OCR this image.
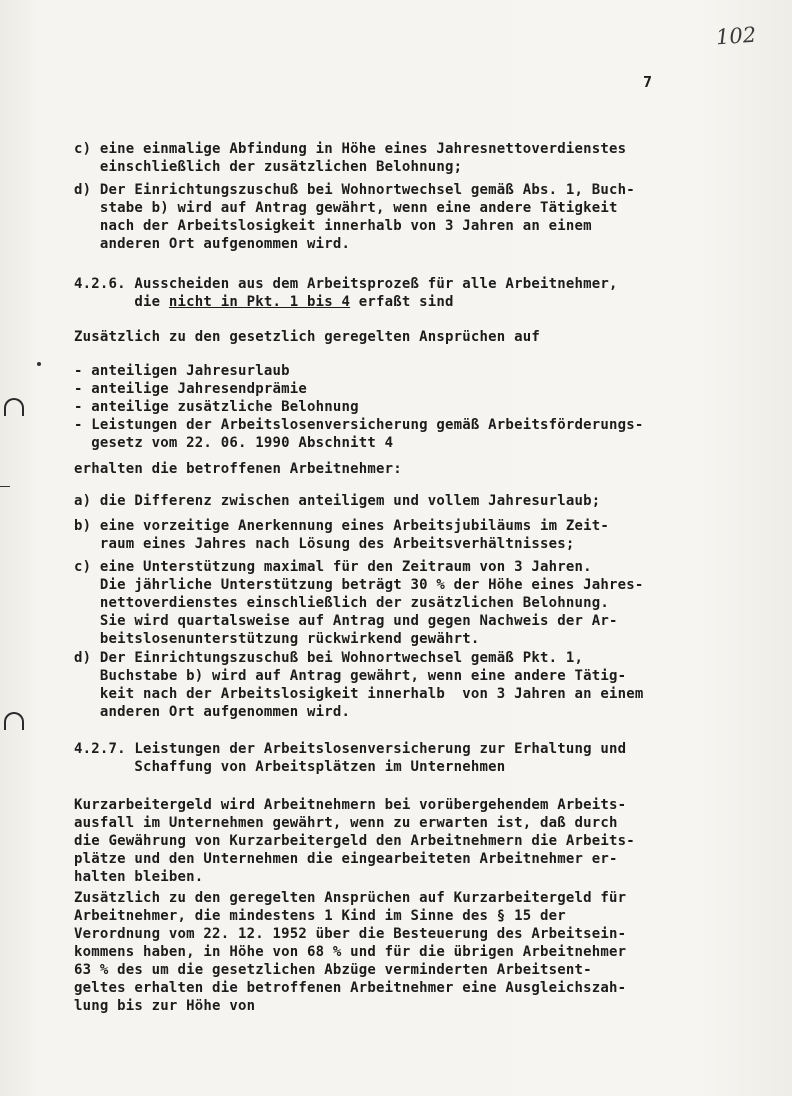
102
7
c) eine einmalige Abfindung in Höhe eines Jahresnettoverdienstes
einschließlich der zusätzlichen Belohnung;
d) Der Einrichtungszuschuß bei Wohnortwechsel gemäß Abs. 1, Buch-
stabe b) wird auf Antrag gewährt, wenn eine andere Tätigkeit
nach der Arbeitslosigkeit innerhalb von 3 Jahren an einem
anderen Ort aufgenommen wird.
4.2.6. Ausscheiden aus dem Arbeitsprozeß für alle Arbeitnehmer,
die nicht in Pkt. 1 bis 4 erfaßt sind
Zusätzlich zu den gesetzlich geregelten Ansprüchen auf
- anteiligen Jahresurlaub
- anteilige Jahresendprämie
- anteilige zusätzliche Belohnung
- Leistungen der Arbeitslosenversicherung gemäß Arbeitsförderungs-
gesetz vom 22. 06. 1990 Abschnitt 4
erhalten die betroffenen Arbeitnehmer:
a) die Differenz zwischen anteiligem und vollem Jahresurlaub;
b) eine vorzeitige Anerkennung eines Arbeitsjubiläums im Zeit-
raum eines Jahres nach Lösung des Arbeitsverhältnisses;
c) eine Unterstützung maximal für den Zeitraum von 3 Jahren.
Die jährliche Unterstützung beträgt 30 % der Höhe eines Jahres-
nettoverdienstes einschließlich der zusätzlichen Belohnung.
Sie wird quartalsweise auf Antrag und gegen Nachweis der Ar-
beitslosenunterstützung rückwirkend gewährt.
d) Der Einrichtungszuschuß bei Wohnortwechsel gemäß Pkt. 1,
Buchstabe b) wird auf Antrag gewährt, wenn eine andere Tätig-
keit nach der Arbeitslosigkeit innerhalb  von 3 Jahren an einem
anderen Ort aufgenommen wird.
4.2.7. Leistungen der Arbeitslosenversicherung zur Erhaltung und
Schaffung von Arbeitsplätzen im Unternehmen
Kurzarbeitergeld wird Arbeitnehmern bei vorübergehendem Arbeits-
ausfall im Unternehmen gewährt, wenn zu erwarten ist, daß durch
die Gewährung von Kurzarbeitergeld den Arbeitnehmern die Arbeits-
plätze und den Unternehmen die eingearbeiteten Arbeitnehmer er-
halten bleiben.
Zusätzlich zu den geregelten Ansprüchen auf Kurzarbeitergeld für
Arbeitnehmer, die mindestens 1 Kind im Sinne des § 15 der
Verordnung vom 22. 12. 1952 über die Besteuerung des Arbeitsein-
kommens haben, in Höhe von 68 % und für die übrigen Arbeitnehmer
63 % des um die gesetzlichen Abzüge verminderten Arbeitsent-
geltes erhalten die betroffenen Arbeitnehmer eine Ausgleichszah-
lung bis zur Höhe von
